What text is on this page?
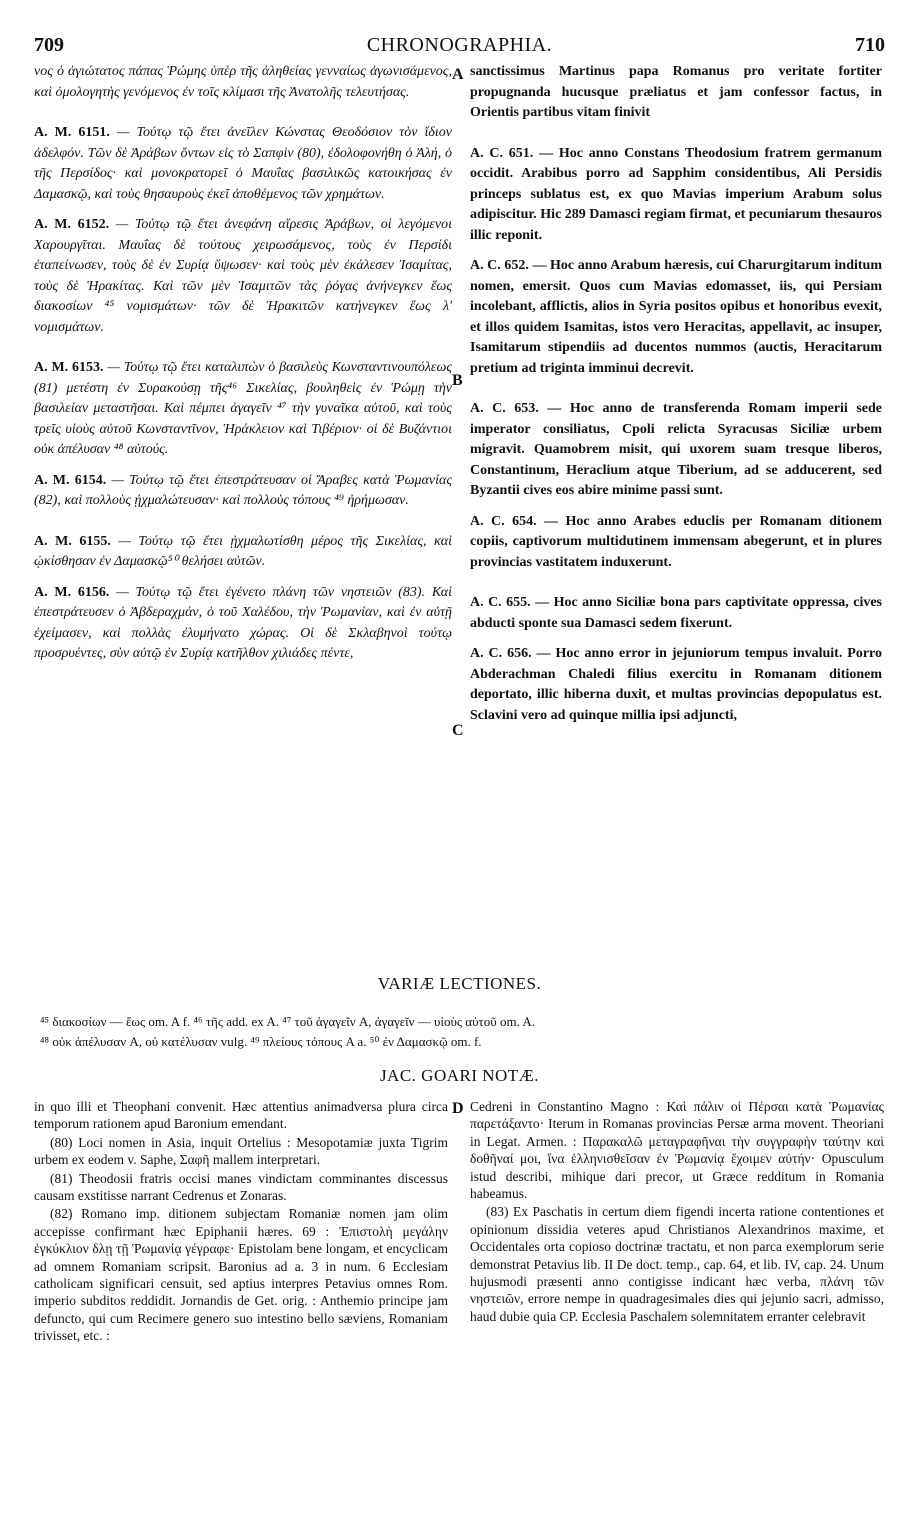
709	CHRONOGRAPHIA.	710

νος ὁ ἁγιώτατος πάπας Ῥώμης ὑπὲρ τῆς ἀληθείας γενναίως ἀγωνισάμενος, καὶ ὁμολογητὴς γενόμενος ἐν τοῖς κλίμασι τῆς Ἀνατολῆς τελευτήσας.

A. M. 6151. — Τούτῳ τῷ ἔτει ἀνεῖλεν Κώνστας Θεοδόσιον τὸν ἴδιον ἀδελφόν. Τῶν δὲ Ἀράβων ὄντων εἰς τὸ Σαπφὶν (80), ἐδολοφονήθη ὁ Ἀλή, ὁ τῆς Περσίδος· καὶ μονοκρατορεῖ ὁ Μαυΐας βασιλικῶς κατοικήσας ἐν Δαμασκῷ, καὶ τοὺς θησαυροὺς ἐκεῖ ἀποθέμενος τῶν χρημάτων.

A. M. 6152. — Τούτῳ τῷ ἔτει ἀνεφάνη αἵρεσις Ἀράβων, οἱ λεγόμενοι Χαρουργῖται. Μαυΐας δὲ τούτους χειρωσάμενος, τοὺς ἐν Περσίδι ἐταπείνωσεν, τοὺς δὲ ἐν Συρίᾳ ὕψωσεν· καὶ τοὺς μὲν ἐκάλεσεν Ἰσαμίτας, τοὺς δὲ Ἡρακίτας. Καὶ τῶν μὲν Ἰσαμιτῶν τὰς ῥόγας ἀνήνεγκεν ἕως διακοσίων ⁴⁵ νομισμάτων· τῶν δὲ Ἡρακιτῶν κατήνεγκεν ἕως λʹ νομισμάτων.

A. M. 6153. — Τούτῳ τῷ ἔτει καταλιπὼν ὁ βασιλεὺς Κωνσταντινουπόλεως (81) μετέστη ἐν Συρακούσῃ τῆς⁴⁶ Σικελίας, βουληθεὶς ἐν Ῥώμῃ τὴν βασιλείαν μεταστῆσαι. Καὶ πέμπει ἀγαγεῖν ⁴⁷ τὴν γυναῖκα αὐτοῦ, καὶ τοὺς τρεῖς υἱοὺς αὐτοῦ Κωνσταντῖνον, Ἡράκλειον καὶ Τιβέριον· οἱ δὲ Βυζάντιοι οὐκ ἀπέλυσαν ⁴⁸ αὐτούς.

A. M. 6154. — Τούτῳ τῷ ἔτει ἐπεστράτευσαν οἱ Ἄραβες κατὰ Ῥωμανίας (82), καὶ πολλοὺς ᾐχμαλώτευσαν· καὶ πολλοὺς τόπους ⁴⁹ ἠρήμωσαν.

A. M. 6155. — Τούτῳ τῷ ἔτει ᾐχμαλωτίσθη μέρος τῆς Σικελίας, καὶ ᾠκίσθησαν ἐν Δαμασκῷ⁵⁰ θελήσει αὐτῶν.

A. M. 6156. — Τούτῳ τῷ ἔτει ἐγένετο πλάνη τῶν νηστειῶν (83). Καὶ ἐπεστράτευσεν ὁ Ἀβδεραχμάν, ὁ τοῦ Χαλέδου, τὴν Ῥωμανίαν, καὶ ἐν αὐτῇ ἐχείμασεν, καὶ πολλὰς ἐλυμήνατο χώρας. Οἱ δὲ Σκλαβηνοὶ τούτῳ προσρυέντες, σὺν αὐτῷ ἐν Συρίᾳ κατῆλθον χιλιάδες πέντε,

sanctissimus Martinus papa Romanus pro veritate fortiter propugnanda hucusque præliatus et jam confessor factus, in Orientis partibus vitam finivit

A. C. 651. — Hoc anno Constans Theodosium fratrem germanum occidit. Arabibus porro ad Sapphim considentibus, Ali Persidis princeps sublatus est, ex quo Mavias imperium Arabum solus adipiscitur. Hic 289 Damasci regiam firmat, et pecuniarum thesauros illic reponit.

A. C. 652. — Hoc anno Arabum hæresis, cui Charurgitarum inditum nomen, emersit. Quos cum Mavias edomasset, iis, qui Persiam incolebant, afflictis, alios in Syria positos opibus et honoribus evexit, et illos quidem Isamitas, istos vero Heracitas, appellavit, ac insuper, Isamitarum stipendiis ad ducentos nummos (auctis, Heracitarum pretium ad triginta imminui decrevit.

A. C. 653. — Hoc anno de transferenda Romam imperii sede imperator consiliatus, Cpoli relicta Syracusas Siciliæ urbem migravit. Quamobrem misit, qui uxorem suam tresque liberos, Constantinum, Heraclium atque Tiberium, ad se adducerent, sed Byzantii cives eos abire minime passi sunt.

A. C. 654. — Hoc anno Arabes educlis per Romanam ditionem copiis, captivorum multidutinem immensam abegerunt, et in plures provincias vastitatem induxerunt.

A. C. 655. — Hoc anno Siciliæ bona pars captivitate oppressa, cives abducti sponte sua Damasci sedem fixerunt.

A. C. 656. — Hoc anno error in jejuniorum tempus invaluit. Porro Abderachman Chaledi filius exercitu in Romanam ditionem deportato, illic hiberna duxit, et multas provincias depopulatus est. Sclavini vero ad quinque millia ipsi adjuncti,

A
B
C
D
VARIÆ LECTIONES.
⁴⁵ διακοσίων — ἕως om. A f. ⁴⁶ τῆς add. ex A. ⁴⁷ τοῦ ἀγαγεῖν A, ἀγαγεῖν — υἱοὺς αὐτοῦ om. A.
⁴⁸ οὐκ ἀπέλυσαν A, οὐ κατέλυσαν vulg. ⁴⁹ πλείους τόπους A a. ⁵⁰ ἐν Δαμασκῷ om. f.
JAC. GOARI NOTÆ.

in quo illi et Theophani convenit. Hæc attentius animadversa plura circa temporum rationem apud Baronium emendant.

(80) Loci nomen in Asia, inquit Ortelius : Mesopotamiæ juxta Tigrim urbem ex eodem v. Saphe, Σαφῆ mallem interpretari.

(81) Theodosii fratris occisi manes vindictam comminantes discessus causam exstitisse narrant Cedrenus et Zonaras.

(82) Romano imp. ditionem subjectam Romaniæ nomen jam olim accepisse confirmant hæc Epiphanii hæres. 69 : Ἐπιστολὴ μεγάλην ἐγκύκλιον δλῃ τῇ Ῥωμανίᾳ γέγραφε· Epistolam bene longam, et encyclicam ad omnem Romaniam scripsit. Baronius ad a. 3 in num. 6 Ecclesiam catholicam significari censuit, sed aptius interpres Petavius omnes Rom. imperio subditos reddidit. Jornandis de Get. orig. : Anthemio principe jam defuncto, qui cum Recimere genero suo intestino bello sæviens, Romaniam trivisset, etc. :

Cedreni in Constantino Magno : Καὶ πάλιν οἱ Πέρσαι κατὰ Ῥωμανίας παρετάξαντο· Iterum in Romanas provincias Persæ arma movent. Theoriani in Legat. Armen. : Παρακαλῶ μεταγραφῆναι τὴν συγγραφὴν ταύτην καὶ δοθῆναί μοι, ἵνα ἑλληνισθεῖσαν ἐν Ῥωμανίᾳ ἔχοιμεν αὐτήν· Opusculum istud describi, mihique dari precor, ut Græce redditum in Romania habeamus.

(83) Ex Paschatis in certum diem figendi incerta ratione contentiones et opinionum dissidia veteres apud Christianos Alexandrinos maxime, et Occidentales orta copioso doctrinæ tractatu, et non parca exemplorum serie demonstrat Petavius lib. II De doct. temp., cap. 64, et lib. IV, cap. 24. Unum hujusmodi præsenti anno contigisse indicant hæc verba, πλάνη τῶν νηστειῶν, errore nempe in quadragesimales dies qui jejunio sacri, admisso, haud dubie quia CP. Ecclesia Paschalem solemnitatem erranter celebravit
